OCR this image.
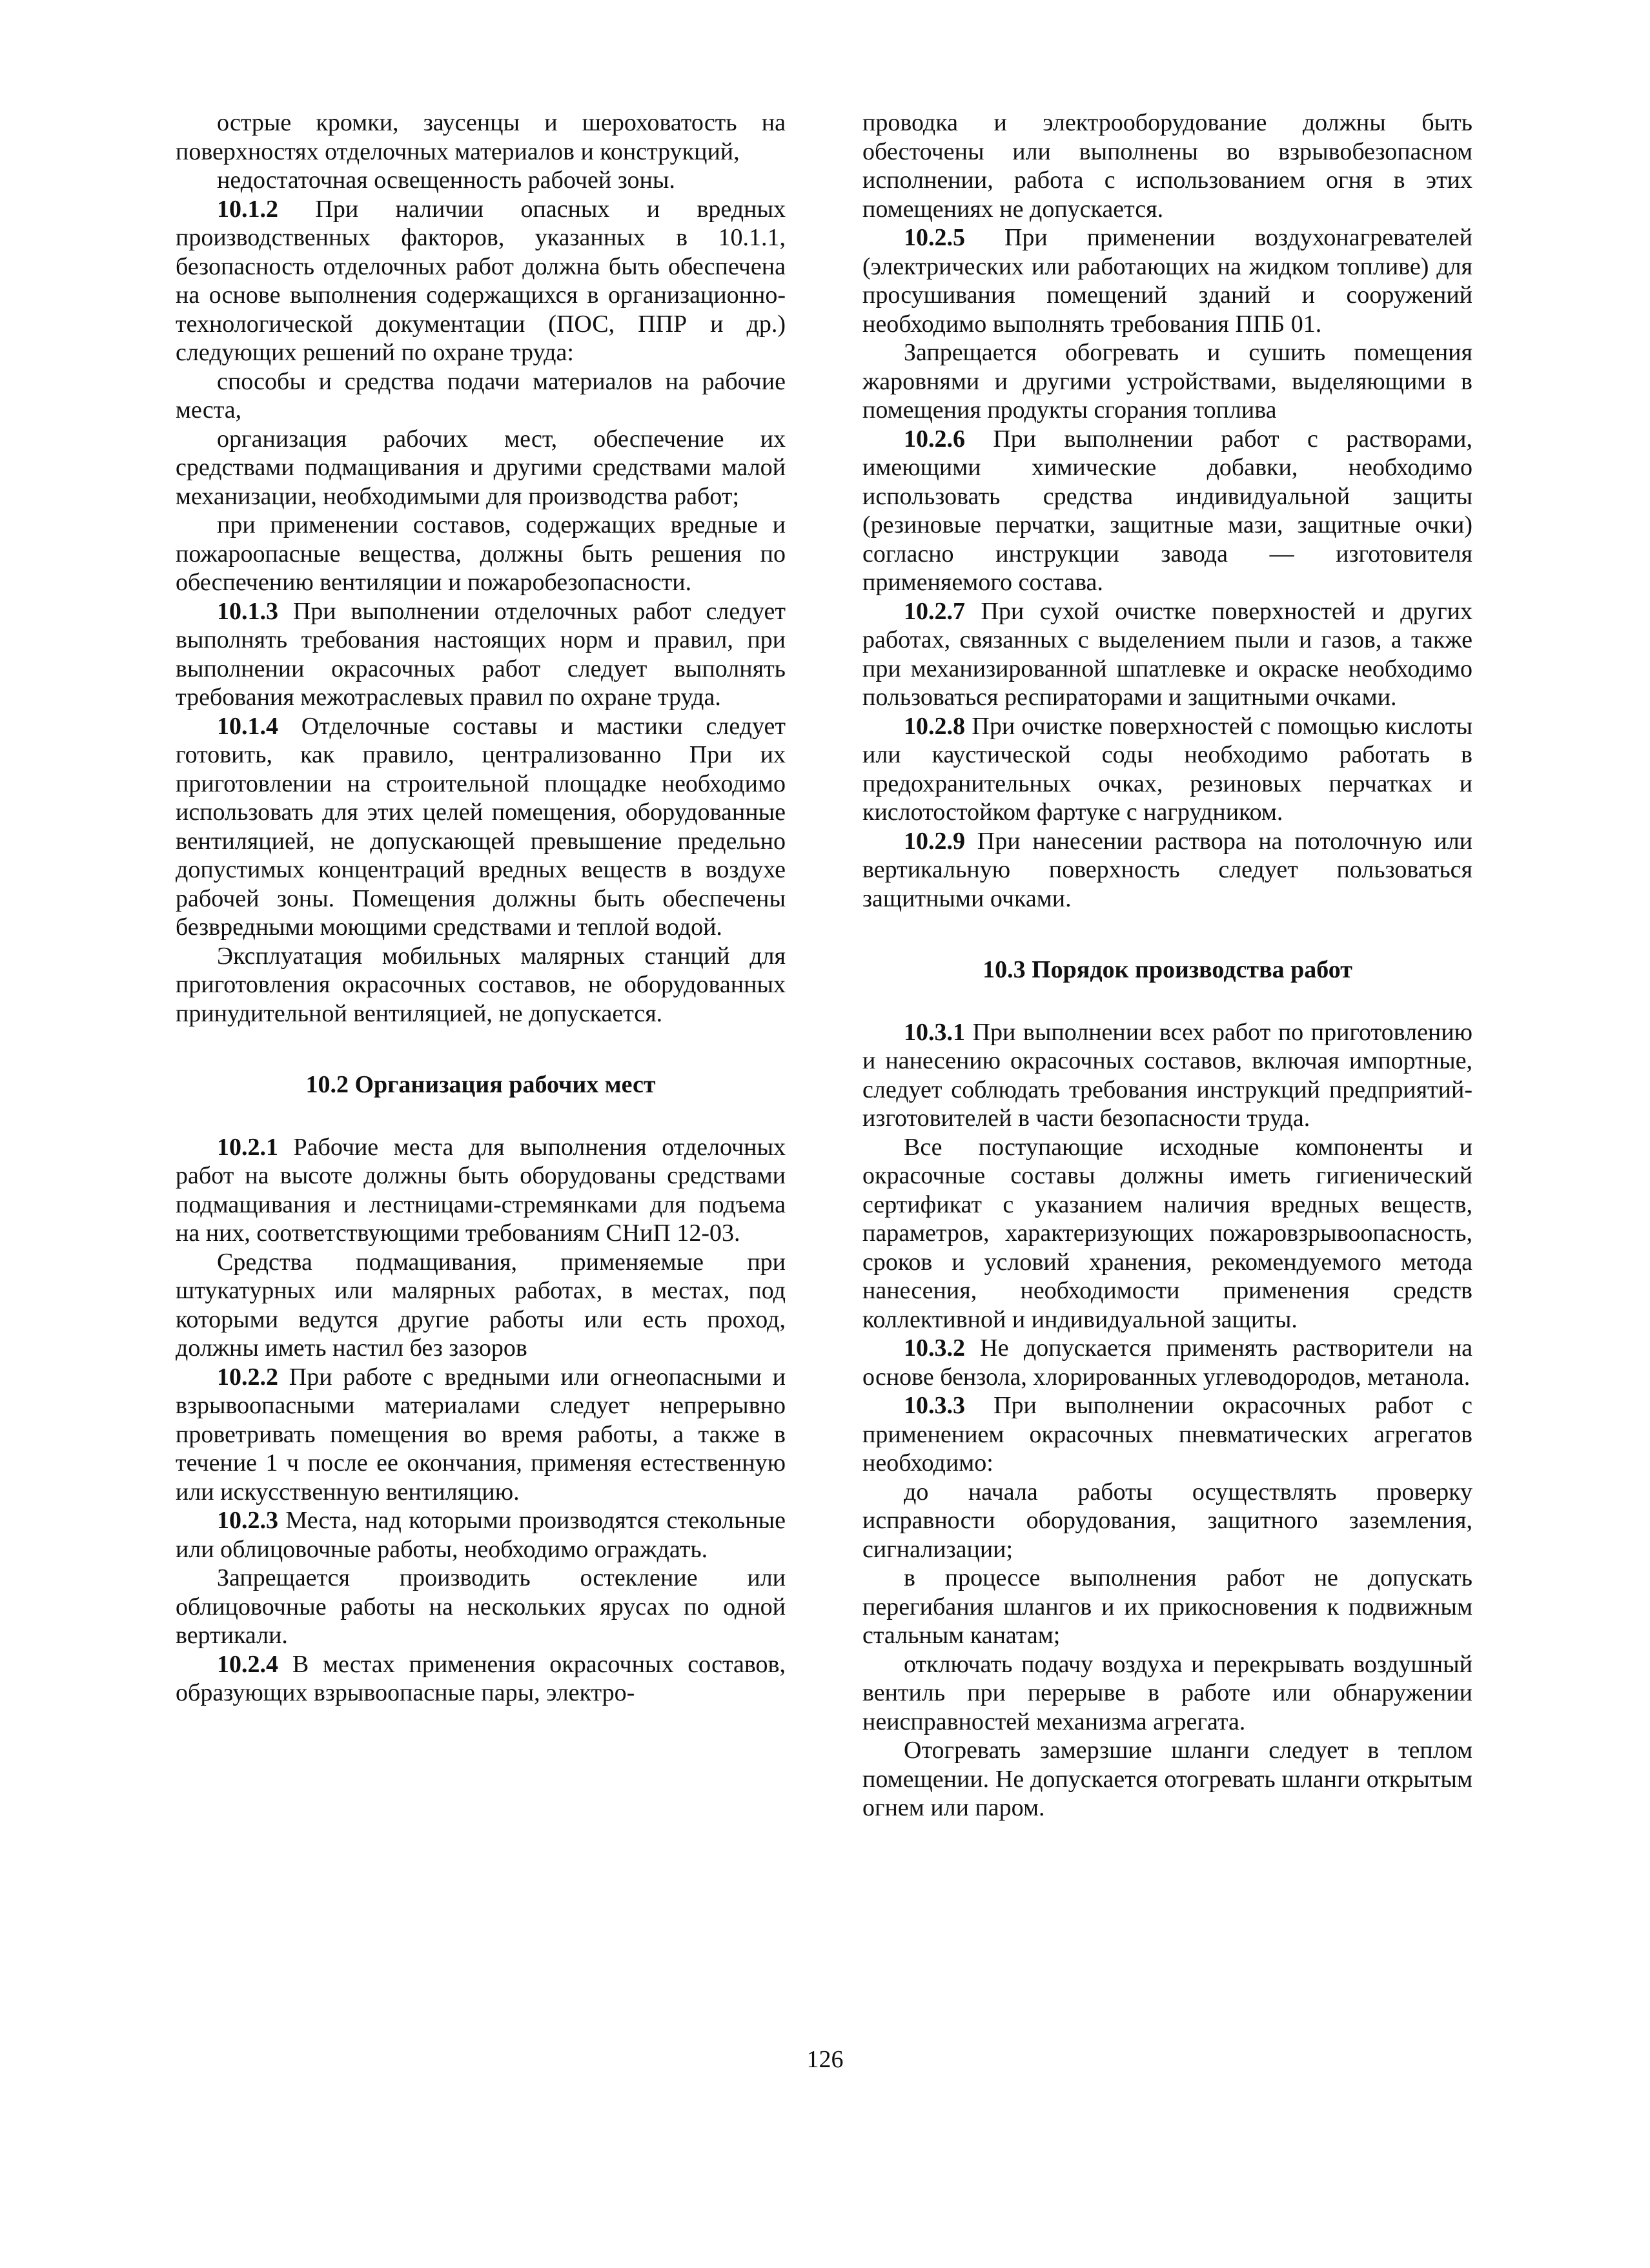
острые кромки, заусенцы и шероховатость на поверхностях отделочных материалов и конструкций,

недостаточная освещенность рабочей зоны.

10.1.2 При наличии опасных и вредных производственных факторов, указанных в 10.1.1, безопасность отделочных работ должна быть обеспечена на основе выполнения содержащихся в организационно-технологической документации (ПОС, ППР и др.) следующих решений по охране труда:

способы и средства подачи материалов на рабочие места,

организация рабочих мест, обеспечение их средствами подмащивания и другими средствами малой механизации, необходимыми для производства работ;

при применении составов, содержащих вредные и пожароопасные вещества, должны быть решения по обеспечению вентиляции и пожаробезопасности.

10.1.3 При выполнении отделочных работ следует выполнять требования настоящих норм и правил, при выполнении окрасочных работ следует выполнять требования межотраслевых правил по охране труда.

10.1.4 Отделочные составы и мастики следует готовить, как правило, централизованно При их приготовлении на строительной площадке необходимо использовать для этих целей помещения, оборудованные вентиляцией, не допускающей превышение предельно допустимых концентраций вредных веществ в воздухе рабочей зоны. Помещения должны быть обеспечены безвредными моющими средствами и теплой водой.

Эксплуатация мобильных малярных станций для приготовления окрасочных составов, не оборудованных принудительной вентиляцией, не допускается.

10.2 Организация рабочих мест

10.2.1 Рабочие места для выполнения отделочных работ на высоте должны быть оборудованы средствами подмащивания и лестницами-стремянками для подъема на них, соответствующими требованиям СНиП 12-03.

Средства подмащивания, применяемые при штукатурных или малярных работах, в местах, под которыми ведутся другие работы или есть проход, должны иметь настил без зазоров

10.2.2 При работе с вредными или огнеопасными и взрывоопасными материалами следует непрерывно проветривать помещения во время работы, а также в течение 1 ч после ее окончания, применяя естественную или искусственную вентиляцию.

10.2.3 Места, над которыми производятся стекольные или облицовочные работы, необходимо ограждать.

Запрещается производить остекление или облицовочные работы на нескольких ярусах по одной вертикали.

10.2.4 В местах применения окрасочных составов, образующих взрывоопасные пары, электро-

проводка и электрооборудование должны быть обесточены или выполнены во взрывобезопасном исполнении, работа с использованием огня в этих помещениях не допускается.

10.2.5 При применении воздухонагревателей (электрических или работающих на жидком топливе) для просушивания помещений зданий и сооружений необходимо выполнять требования ППБ 01.

Запрещается обогревать и сушить помещения жаровнями и другими устройствами, выделяющими в помещения продукты сгорания топлива

10.2.6 При выполнении работ с растворами, имеющими химические добавки, необходимо использовать средства индивидуальной защиты (резиновые перчатки, защитные мази, защитные очки) согласно инструкции завода — изготовителя применяемого состава.

10.2.7 При сухой очистке поверхностей и других работах, связанных с выделением пыли и газов, а также при механизированной шпатлевке и окраске необходимо пользоваться респираторами и защитными очками.

10.2.8 При очистке поверхностей с помощью кислоты или каустической соды необходимо работать в предохранительных очках, резиновых перчатках и кислотостойком фартуке с нагрудником.

10.2.9 При нанесении раствора на потолочную или вертикальную поверхность следует пользоваться защитными очками.

10.3 Порядок производства работ

10.3.1 При выполнении всех работ по приготовлению и нанесению окрасочных составов, включая импортные, следует соблюдать требования инструкций предприятий-изготовителей в части безопасности труда.

Все поступающие исходные компоненты и окрасочные составы должны иметь гигиенический сертификат с указанием наличия вредных веществ, параметров, характеризующих пожаровзрывоопасность, сроков и условий хранения, рекомендуемого метода нанесения, необходимости применения средств коллективной и индивидуальной защиты.

10.3.2 Не допускается применять растворители на основе бензола, хлорированных углеводородов, метанола.

10.3.3 При выполнении окрасочных работ с применением окрасочных пневматических агрегатов необходимо:

до начала работы осуществлять проверку исправности оборудования, защитного заземления, сигнализации;

в процессе выполнения работ не допускать перегибания шлангов и их прикосновения к подвижным стальным канатам;

отключать подачу воздуха и перекрывать воздушный вентиль при перерыве в работе или обнаружении неисправностей механизма агрегата.

Отогревать замерзшие шланги следует в теплом помещении. Не допускается отогревать шланги открытым огнем или паром.

126
